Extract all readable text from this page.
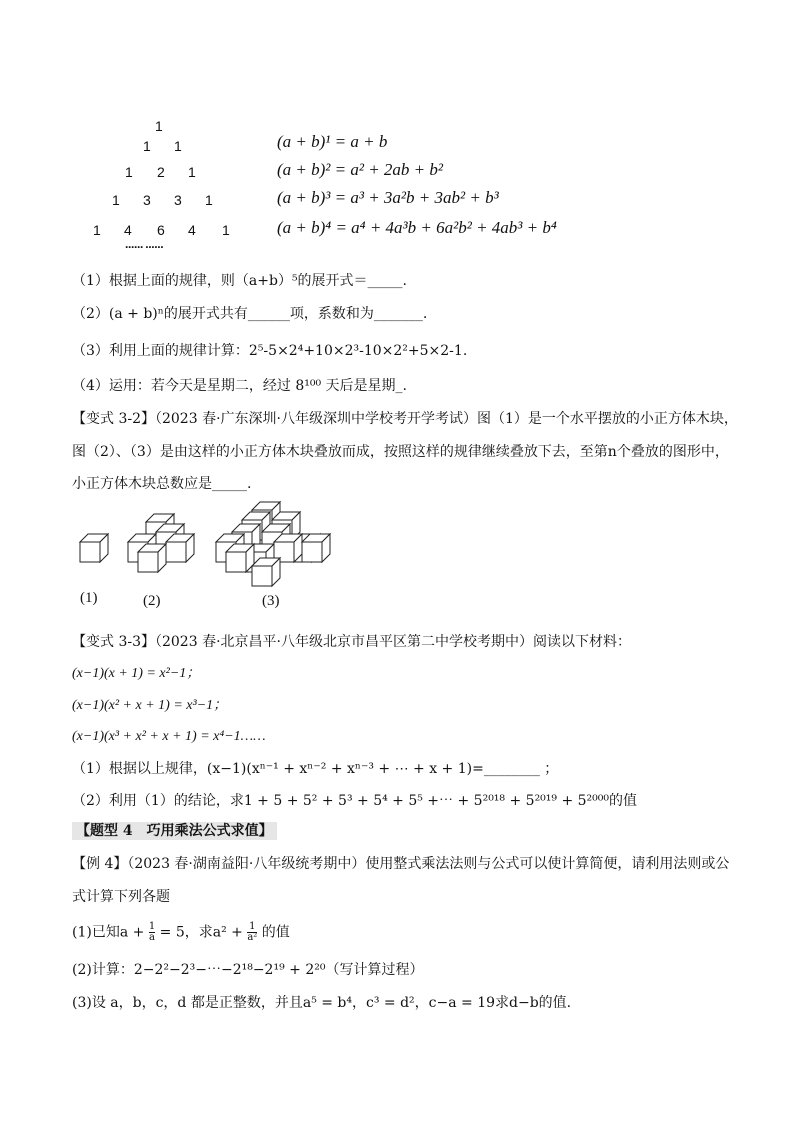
1
1 1
1 2 1
1 3 3 1
1 4 6 4 1
······ ······
(a + b)¹ = a + b
(a + b)² = a² + 2ab + b²
(a + b)³ = a³ + 3a²b + 3ab² + b³
(a + b)⁴ = a⁴ + 4a³b + 6a²b² + 4ab³ + b⁴
（1）根据上面的规律，则（a+b）⁵的展开式＝_____.
（2）(a + b)ⁿ的展开式共有______项，系数和为_______.
（3）利用上面的规律计算：2⁵-5×2⁴+10×2³-10×2²+5×2-1.
（4）运用：若今天是星期二，经过 8¹⁰⁰ 天后是星期_.
【变式 3-2】（2023 春·广东深圳·八年级深圳中学校考开学考试）图（1）是一个水平摆放的小正方体木块，
图（2）、（3）是由这样的小正方体木块叠放而成，按照这样的规律继续叠放下去，至第n个叠放的图形中，
小正方体木块总数应是_____.
(1)	(2)	(3)
【变式 3-3】（2023 春·北京昌平·八年级北京市昌平区第二中学校考期中）阅读以下材料：
(x−1)(x + 1) = x²−1；
(x−1)(x² + x + 1) = x³−1；
(x−1)(x³ + x² + x + 1) = x⁴−1……
（1）根据以上规律，(x−1)(xⁿ⁻¹ + xⁿ⁻² + xⁿ⁻³ + ⋯ + x + 1)=________ ；
（2）利用（1）的结论，求1 + 5 + 5² + 5³ + 5⁴ + 5⁵ +⋯ + 5²⁰¹⁸ + 5²⁰¹⁹ + 5²⁰⁰⁰的值
【题型 4　巧用乘法公式求值】
【例 4】（2023 春·湖南益阳·八年级统考期中）使用整式乘法法则与公式可以使计算简便，请利用法则或公
式计算下列各题
(1)已知$a + \frac{1}{a} = 5$，求$a^2 + \frac{1}{\text{a²}}$ 的值
(2)计算：2−2²−2³−⋯−2¹⁸−2¹⁹ + 2²⁰（写计算过程）
(3)设 a，b，c，d 都是正整数，并且a⁵ = b⁴，c³ = d²，c−a = 19求d−b的值.
